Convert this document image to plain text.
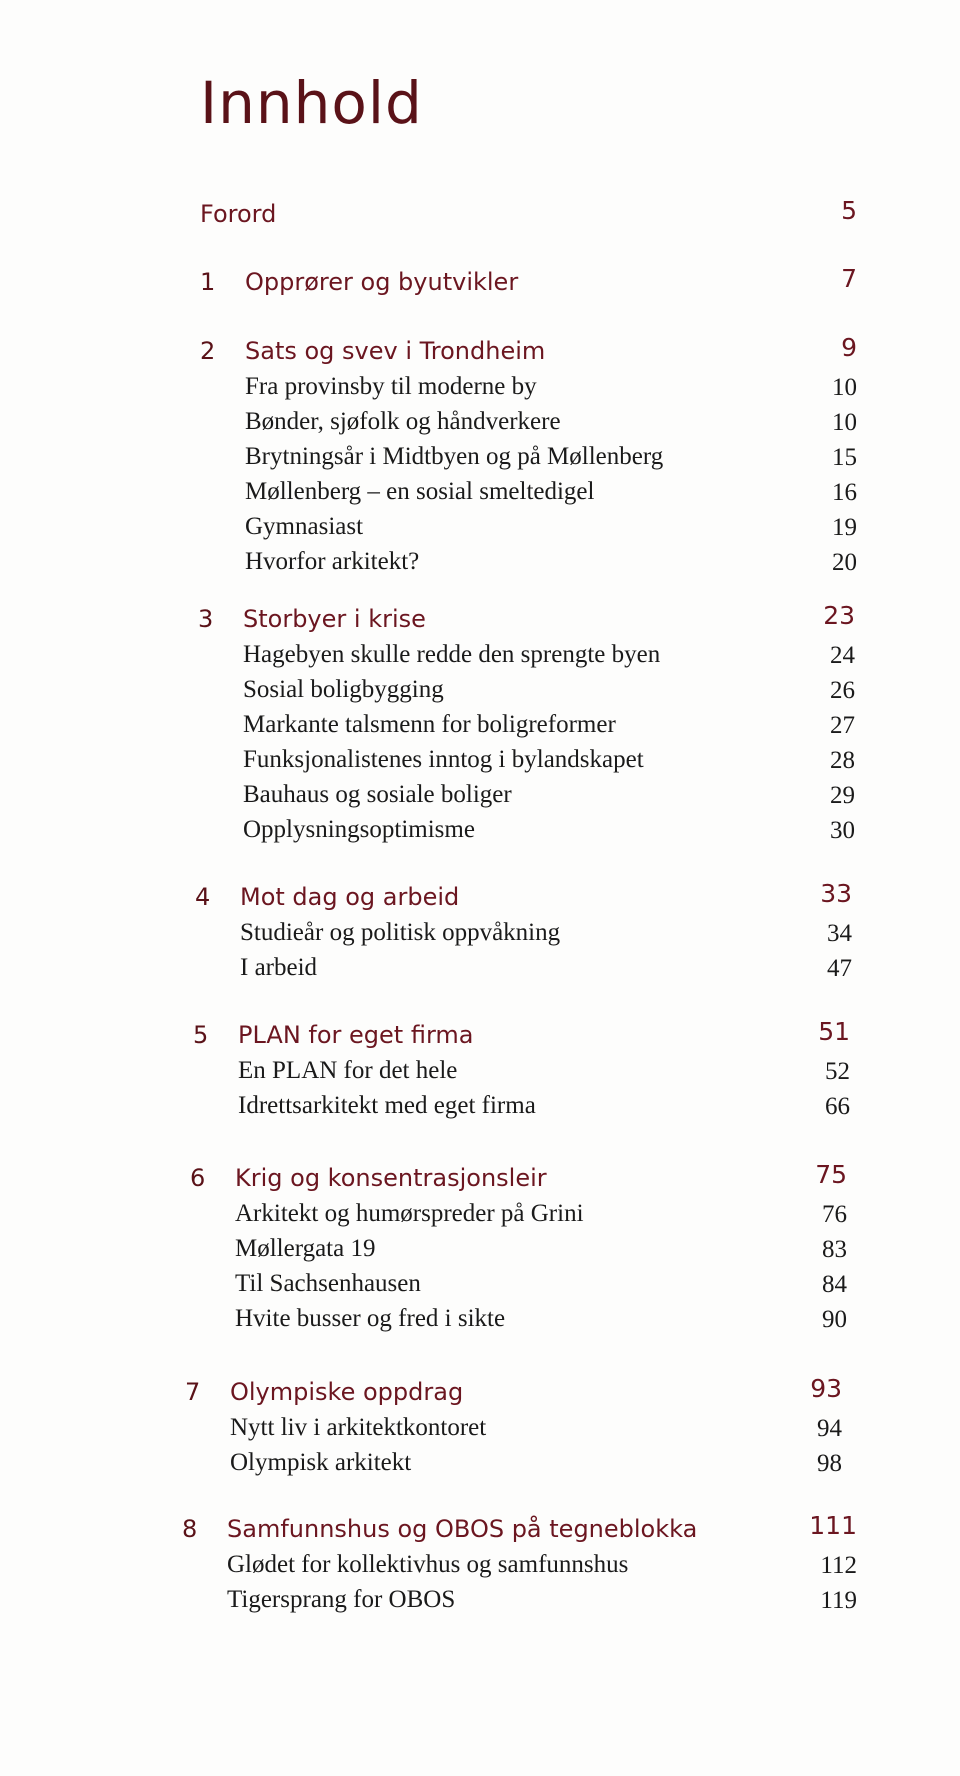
Innhold
Forord	5
1 Opprører og byutvikler	7
2 Sats og svev i Trondheim	9
Fra provinsby til moderne by	10
Bønder, sjøfolk og håndverkere	10
Brytningsår i Midtbyen og på Møllenberg	15
Møllenberg – en sosial smeltedigel	16
Gymnasiast	19
Hvorfor arkitekt?	20
3 Storbyer i krise	23
Hagebyen skulle redde den sprengte byen	24
Sosial boligbygging	26
Markante talsmenn for boligreformer	27
Funksjonalistenes inntog i bylandskapet	28
Bauhaus og sosiale boliger	29
Opplysningsoptimisme	30
4 Mot dag og arbeid	33
Studieår og politisk oppvåkning	34
I arbeid	47
5 PLAN for eget firma	51
En PLAN for det hele	52
Idrettsarkitekt med eget firma	66
6 Krig og konsentrasjonsleir	75
Arkitekt og humørspreder på Grini	76
Møllergata 19	83
Til Sachsenhausen	84
Hvite busser og fred i sikte	90
7 Olympiske oppdrag	93
Nytt liv i arkitektkontoret	94
Olympisk arkitekt	98
8 Samfunnshus og OBOS på tegneblokka	111
Glødet for kollektivhus og samfunnshus	112
Tigersprang for OBOS	119
